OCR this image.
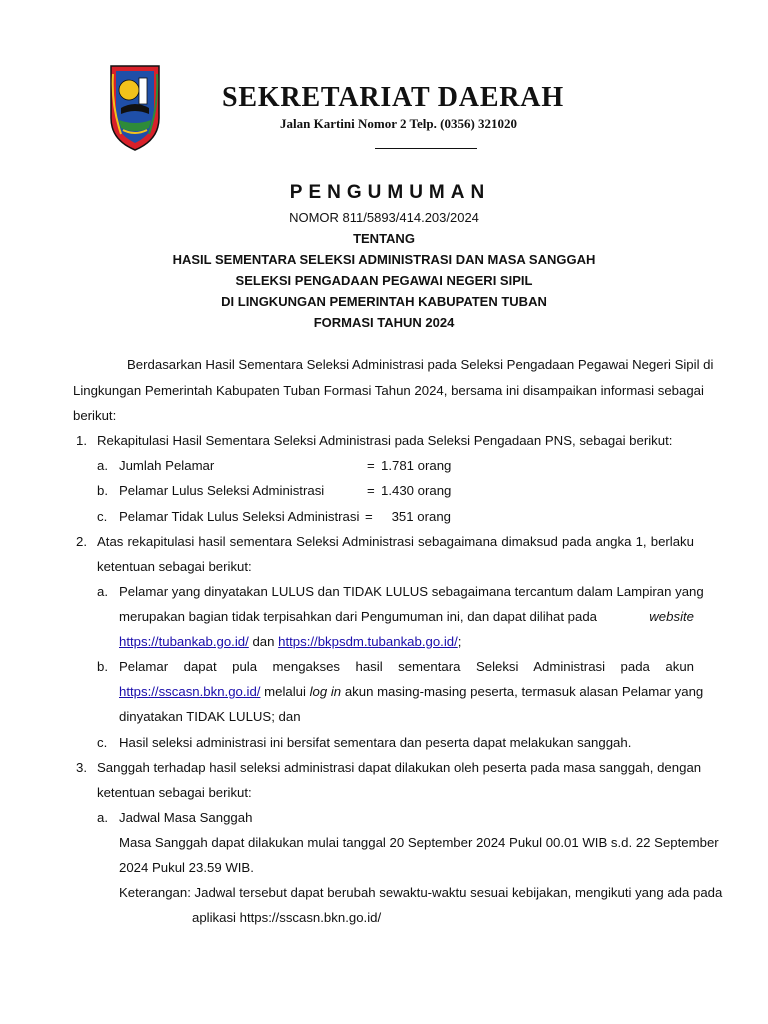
SEKRETARIAT DAERAH
Jalan Kartini Nomor 2 Telp. (0356) 321020
PENGUMUMAN
NOMOR 811/5893/414.203/2024
TENTANG
HASIL SEMENTARA SELEKSI ADMINISTRASI DAN MASA SANGGAH
SELEKSI PENGADAAN PEGAWAI NEGERI SIPIL
DI LINGKUNGAN PEMERINTAH KABUPATEN TUBAN
FORMASI TAHUN 2024
Berdasarkan Hasil Sementara Seleksi Administrasi pada Seleksi Pengadaan Pegawai Negeri Sipil di
Lingkungan Pemerintah Kabupaten Tuban Formasi Tahun 2024, bersama ini disampaikan informasi sebagai
berikut:
1. Rekapitulasi Hasil Sementara Seleksi Administrasi pada Seleksi Pengadaan PNS, sebagai berikut:
a. Jumlah Pelamar	= 1.781 orang
b. Pelamar Lulus Seleksi Administrasi	= 1.430 orang
c. Pelamar Tidak Lulus Seleksi Administrasi =	351 orang
2. Atas rekapitulasi hasil sementara Seleksi Administrasi sebagaimana dimaksud pada angka 1, berlaku
ketentuan sebagai berikut:
a. Pelamar yang dinyatakan LULUS dan TIDAK LULUS sebagaimana tercantum dalam Lampiran yang
merupakan bagian tidak terpisahkan dari Pengumuman ini, dan dapat dilihat pada	website
https://tubankab.go.id/ dan https://bkpsdm.tubankab.go.id/;
b. Pelamar dapat pula mengakses hasil sementara Seleksi Administrasi pada akun
https://sscasn.bkn.go.id/ melalui log in akun masing-masing peserta, termasuk alasan Pelamar yang
dinyatakan TIDAK LULUS; dan
c. Hasil seleksi administrasi ini bersifat sementara dan peserta dapat melakukan sanggah.
3. Sanggah terhadap hasil seleksi administrasi dapat dilakukan oleh peserta pada masa sanggah, dengan
ketentuan sebagai berikut:
a. Jadwal Masa Sanggah
Masa Sanggah dapat dilakukan mulai tanggal 20 September 2024 Pukul 00.01 WIB s.d. 22 September
2024 Pukul 23.59 WIB.
Keterangan: Jadwal tersebut dapat berubah sewaktu-waktu sesuai kebijakan, mengikuti yang ada pada
aplikasi https://sscasn.bkn.go.id/
